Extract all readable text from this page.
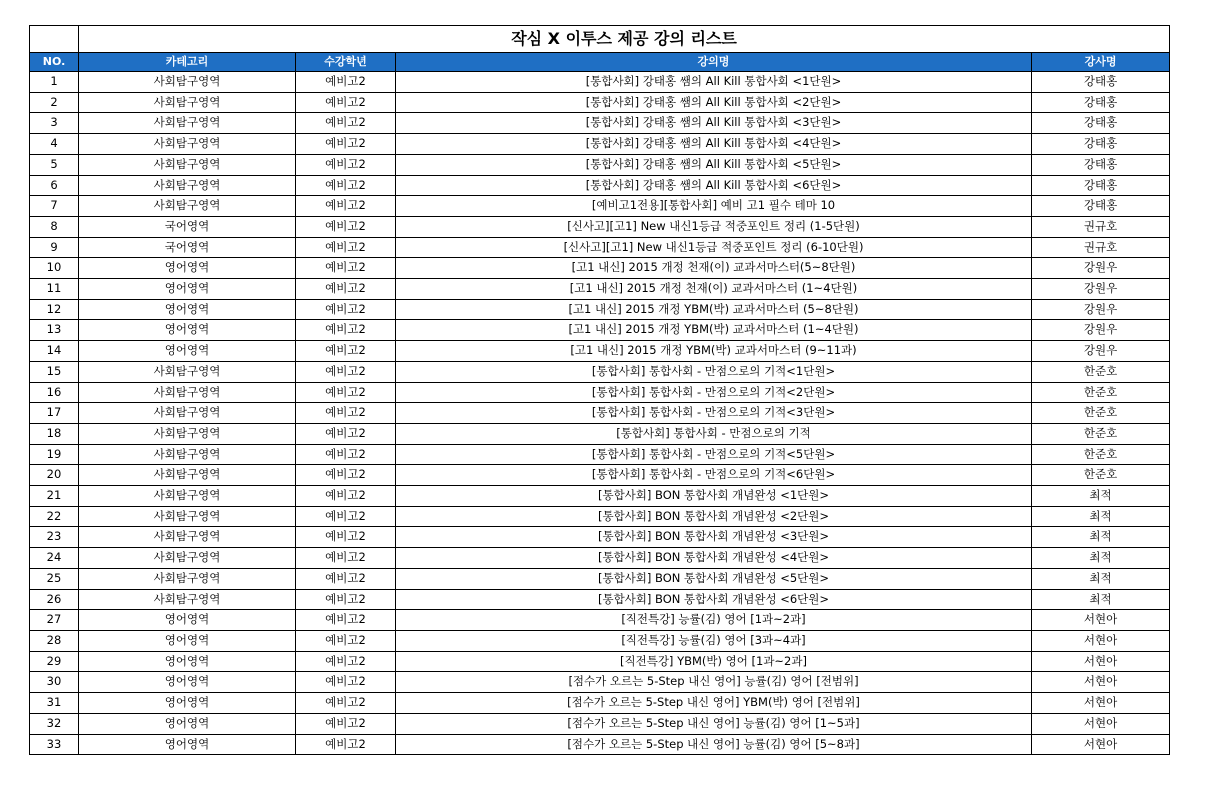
	작심 X 이투스 제공 강의 리스트			
NO.	카테고리	수강학년	강의명	강사명
1	사회탐구영역	예비고2	[통합사회] 강태홍 쌤의 All Kill 통합사회 <1단원>	강태홍
2	사회탐구영역	예비고2	[통합사회] 강태홍 쌤의 All Kill 통합사회 <2단원>	강태홍
3	사회탐구영역	예비고2	[통합사회] 강태홍 쌤의 All Kill 통합사회 <3단원>	강태홍
4	사회탐구영역	예비고2	[통합사회] 강태홍 쌤의 All Kill 통합사회 <4단원>	강태홍
5	사회탐구영역	예비고2	[통합사회] 강태홍 쌤의 All Kill 통합사회 <5단원>	강태홍
6	사회탐구영역	예비고2	[통합사회] 강태홍 쌤의 All Kill 통합사회 <6단원>	강태홍
7	사회탐구영역	예비고2	[예비고1전용][통합사회] 예비 고1 필수 테마 10	강태홍
8	국어영역	예비고2	[신사고][고1] New 내신1등급 적중포인트 정리 (1-5단원)	권규호
9	국어영역	예비고2	[신사고][고1] New 내신1등급 적중포인트 정리 (6-10단원)	권규호
10	영어영역	예비고2	[고1 내신] 2015 개정 천재(이) 교과서마스터(5~8단원)	강원우
11	영어영역	예비고2	[고1 내신] 2015 개정 천재(이) 교과서마스터 (1~4단원)	강원우
12	영어영역	예비고2	[고1 내신] 2015 개정 YBM(박) 교과서마스터 (5~8단원)	강원우
13	영어영역	예비고2	[고1 내신] 2015 개정 YBM(박) 교과서마스터 (1~4단원)	강원우
14	영어영역	예비고2	[고1 내신] 2015 개정 YBM(박) 교과서마스터 (9~11과)	강원우
15	사회탐구영역	예비고2	[통합사회] 통합사회 - 만점으로의 기적<1단원>	한준호
16	사회탐구영역	예비고2	[통합사회] 통합사회 - 만점으로의 기적<2단원>	한준호
17	사회탐구영역	예비고2	[통합사회] 통합사회 - 만점으로의 기적<3단원>	한준호
18	사회탐구영역	예비고2	[통합사회] 통합사회 - 만점으로의 기적	한준호
19	사회탐구영역	예비고2	[통합사회] 통합사회 - 만점으로의 기적<5단원>	한준호
20	사회탐구영역	예비고2	[통합사회] 통합사회 - 만점으로의 기적<6단원>	한준호
21	사회탐구영역	예비고2	[통합사회] BON 통합사회 개념완성 <1단원>	최적
22	사회탐구영역	예비고2	[통합사회] BON 통합사회 개념완성 <2단원>	최적
23	사회탐구영역	예비고2	[통합사회] BON 통합사회 개념완성 <3단원>	최적
24	사회탐구영역	예비고2	[통합사회] BON 통합사회 개념완성 <4단원>	최적
25	사회탐구영역	예비고2	[통합사회] BON 통합사회 개념완성 <5단원>	최적
26	사회탐구영역	예비고2	[통합사회] BON 통합사회 개념완성 <6단원>	최적
27	영어영역	예비고2	[직전특강] 능률(김) 영어 [1과~2과]	서현아
28	영어영역	예비고2	[직전특강] 능률(김) 영어 [3과~4과]	서현아
29	영어영역	예비고2	[직전특강] YBM(박) 영어 [1과~2과]	서현아
30	영어영역	예비고2	[점수가 오르는 5-Step 내신 영어] 능률(김) 영어 [전범위]	서현아
31	영어영역	예비고2	[점수가 오르는 5-Step 내신 영어] YBM(박) 영어 [전범위]	서현아
32	영어영역	예비고2	[점수가 오르는 5-Step 내신 영어] 능률(김) 영어 [1~5과]	서현아
33	영어영역	예비고2	[점수가 오르는 5-Step 내신 영어] 능률(김) 영어 [5~8과]	서현아
